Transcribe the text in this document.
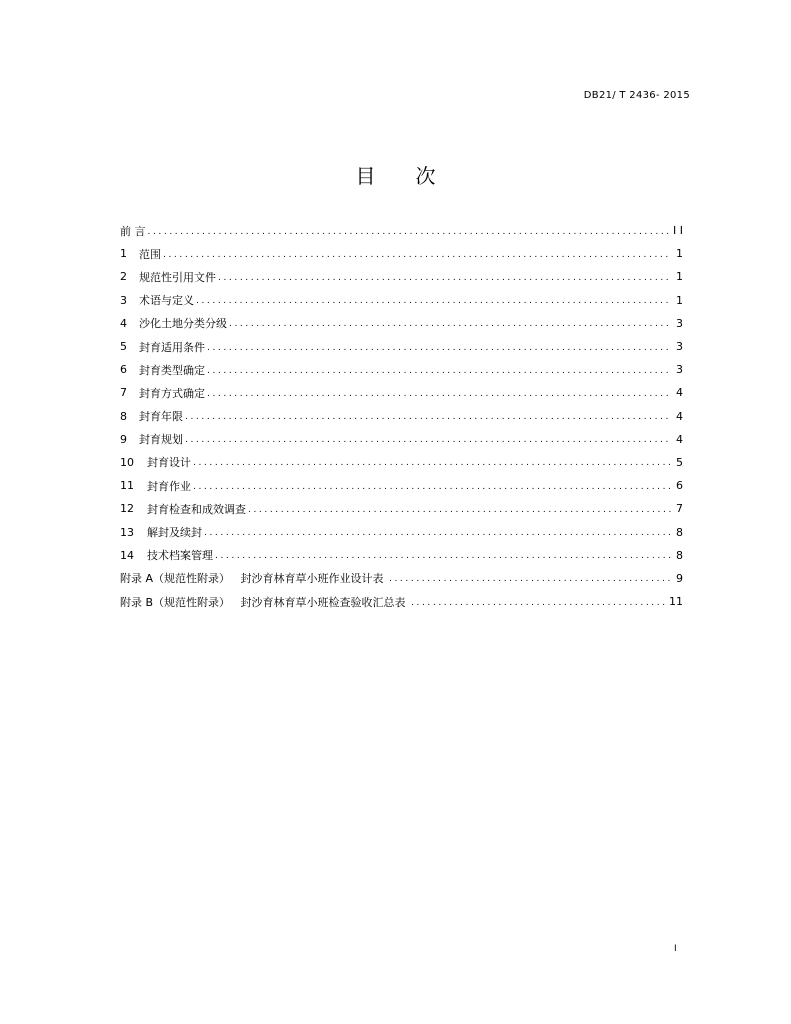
DB21/ T 2436- 2015
目次
前 言 .....	I I
1	范围 .....	1
2	规范性引用文件 .....	1
3	术语与定义 .....	1
4	沙化土地分类分级 .....	3
5	封育适用条件 .....	3
6	封育类型确定 .....	3
7	封育方式确定 .....	4
8	封育年限 .....	4
9	封育规划 .....	4
10	封育设计 .....	5
11	封育作业 .....	6
12	封育检查和成效调查 .....	7
13	解封及续封 .....	8
14	技术档案管理 .....	8
附录 A（规范性附录）   封沙育林育草小班作业设计表 .....	9
附录 B（规范性附录）   封沙育林育草小班检查验收汇总表 .....	11
I
